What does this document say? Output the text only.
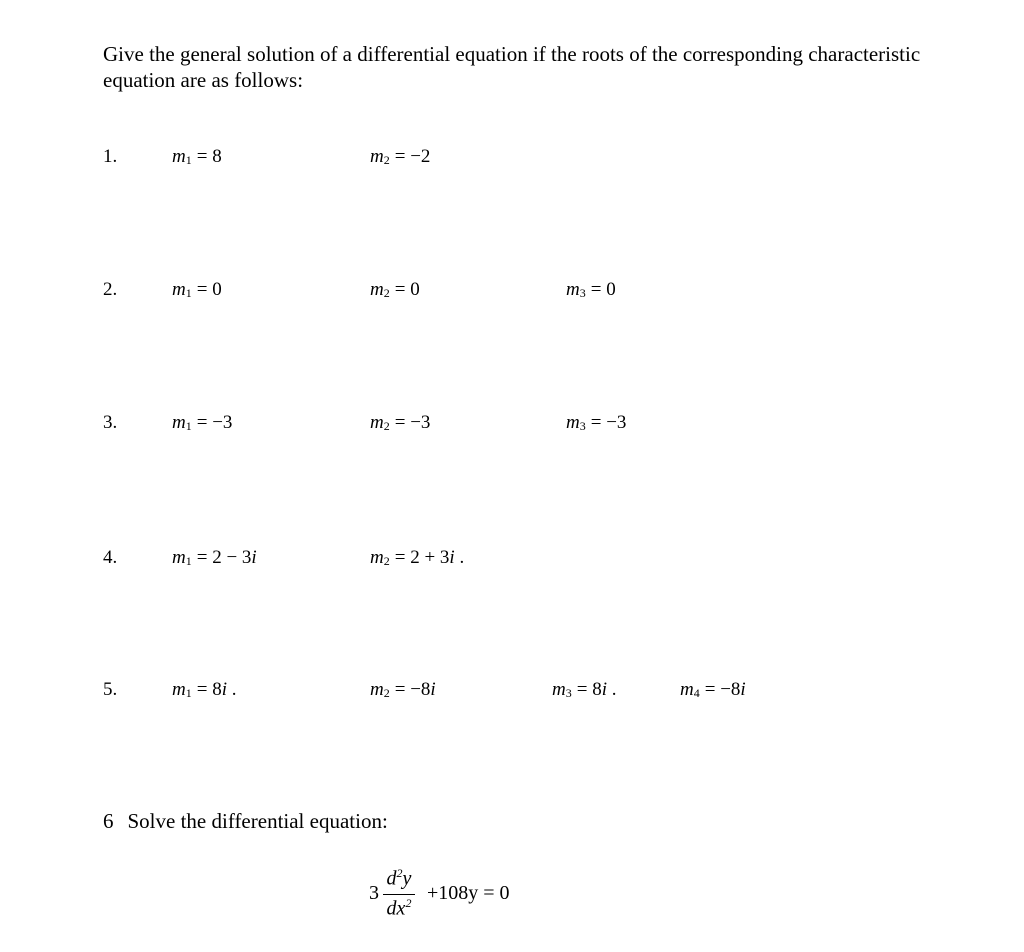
Give the general solution of a differential equation if the roots of the corresponding characteristic equation are as follows:
1.	$m_1 = 8$	$m_2 = -2$
2.	$m_1 = 0$	$m_2 = 0$	$m_3 = 0$
3.	$m_1 = -3$	$m_2 = -3$	$m_3 = -3$
4.	$m_1 = 2 - 3i$	$m_2 = 2 + 3i$ .
5.	$m_1 = 8i$ .	$m_2 = -8i$	$m_3 = 8i$ .	$m_4 = -8i$
6 Solve the differential equation:
3
$d^2y$
$dx^2 +108y = 0$
